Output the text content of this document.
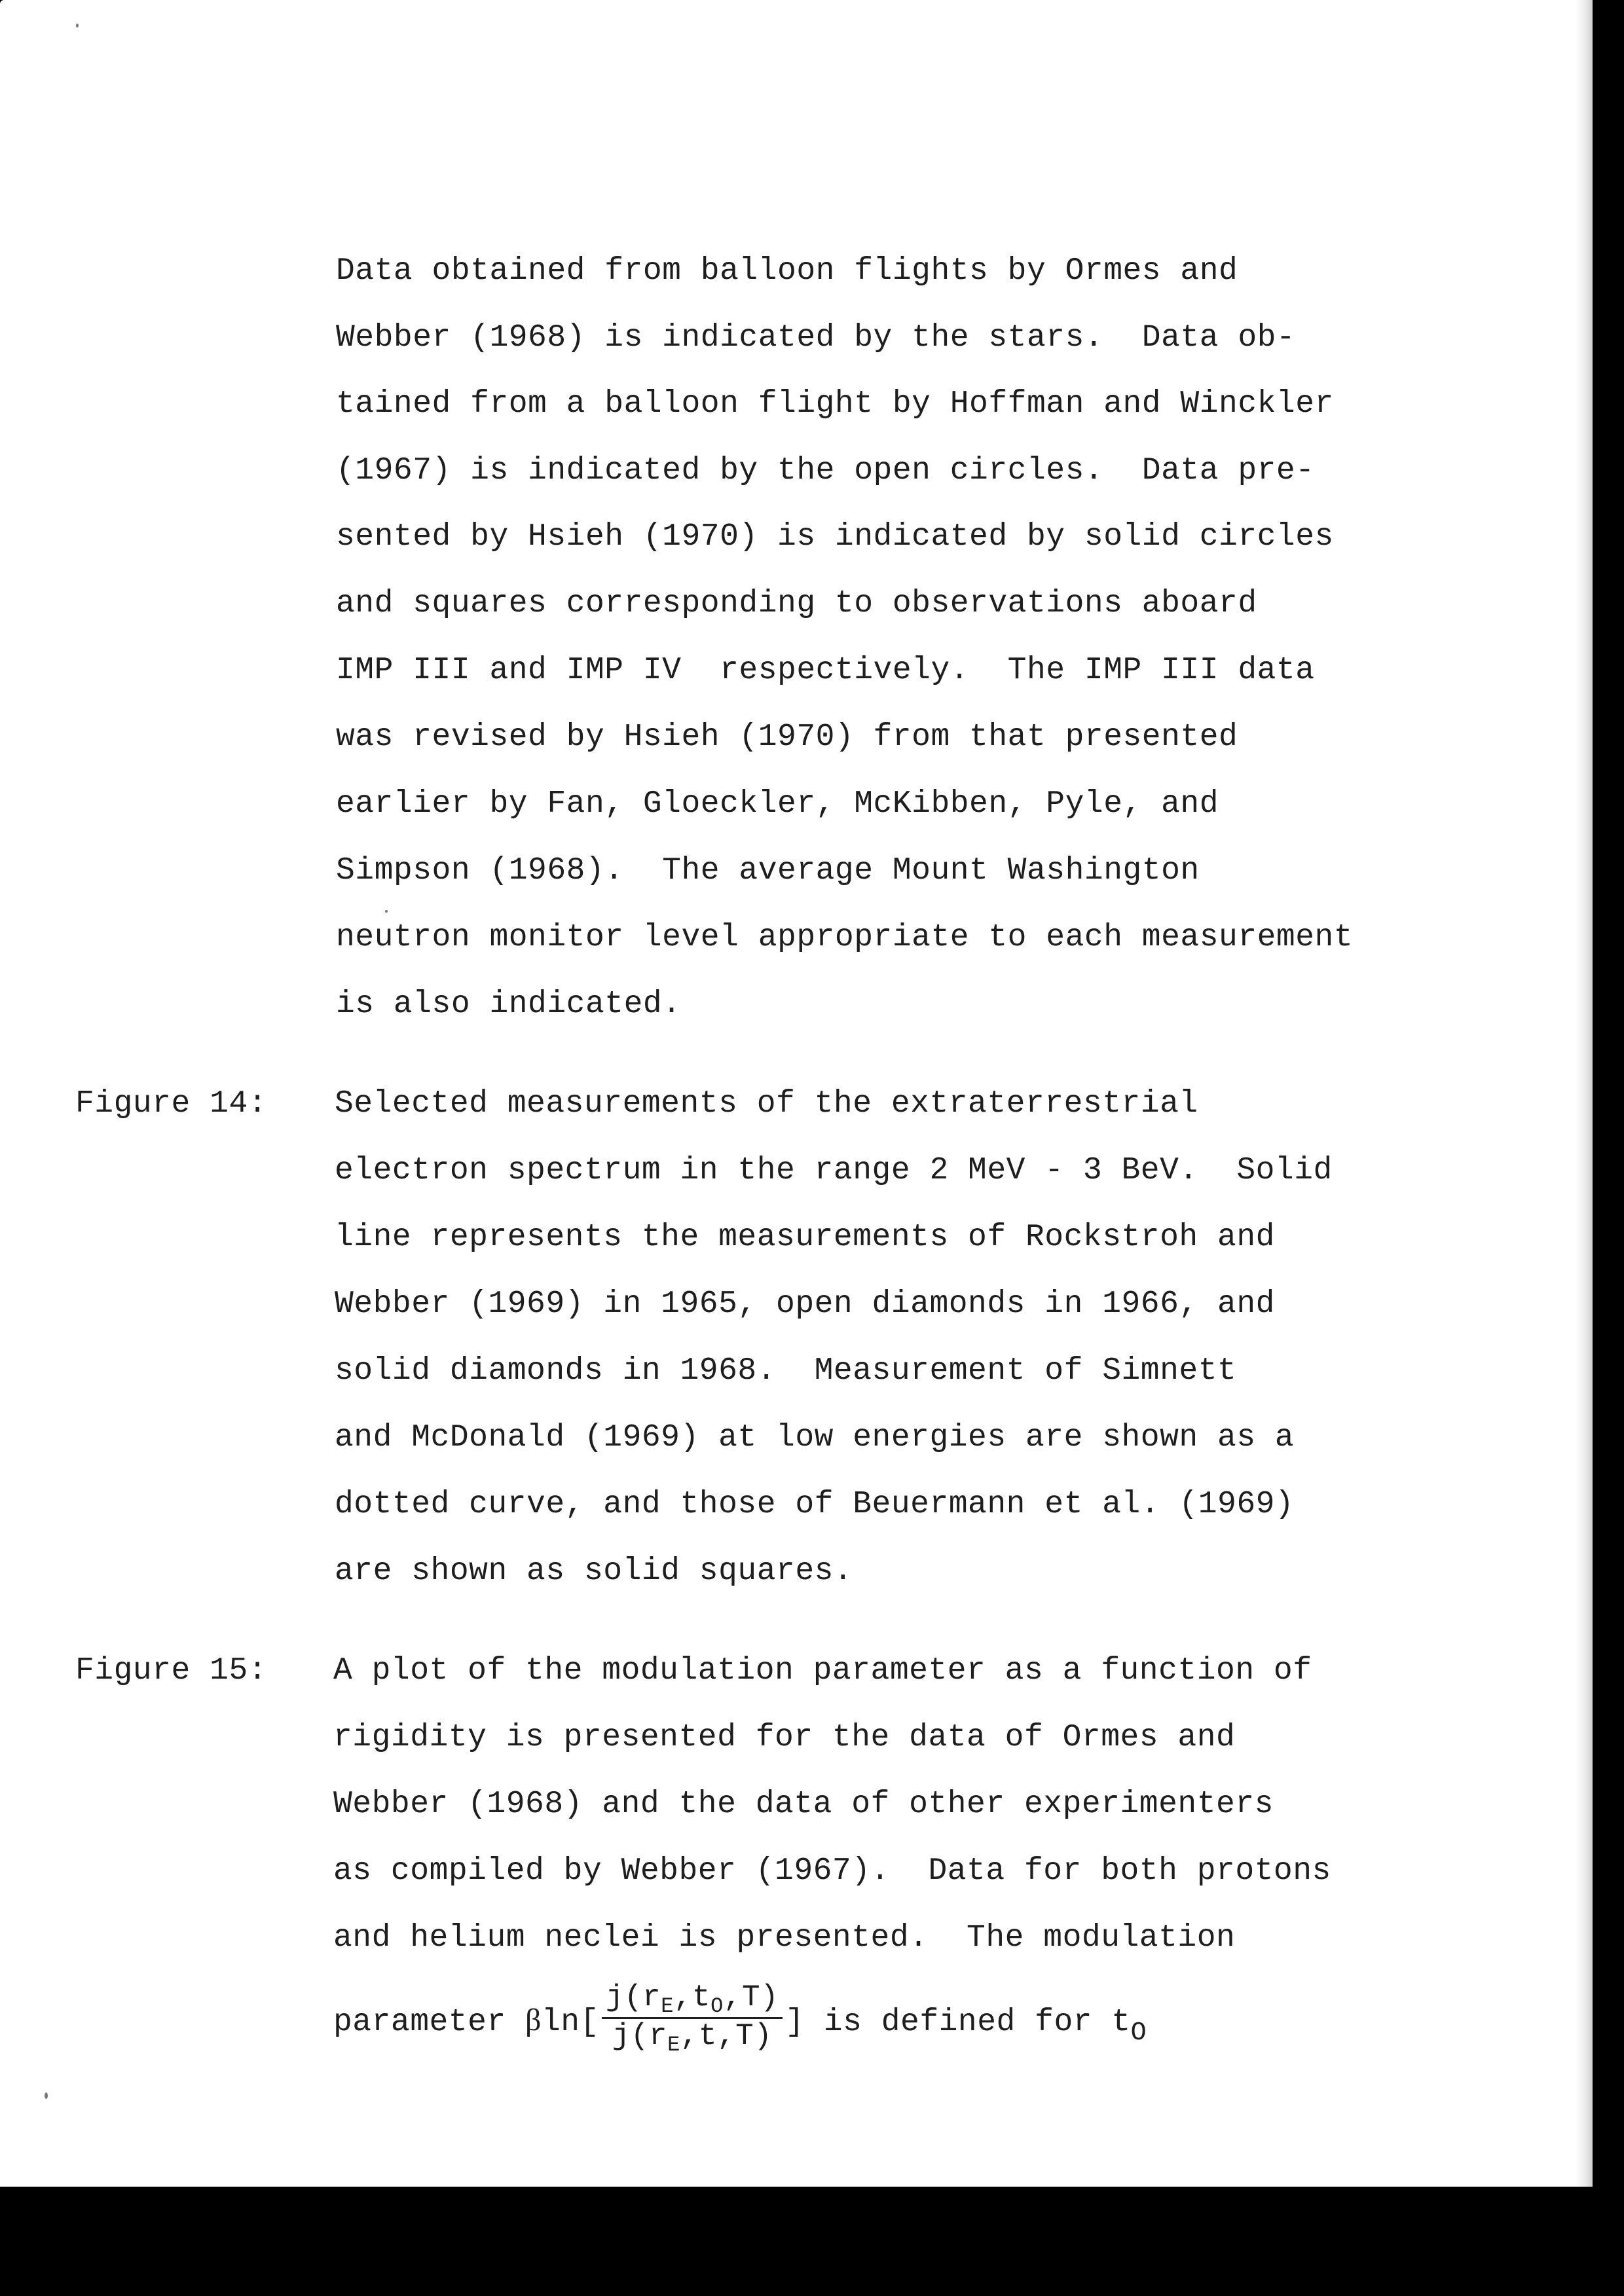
Data obtained from balloon flights by Ormes and
Webber (1968) is indicated by the stars.  Data ob-
tained from a balloon flight by Hoffman and Winckler
(1967) is indicated by the open circles.  Data pre-
sented by Hsieh (1970) is indicated by solid circles
and squares corresponding to observations aboard
IMP III and IMP IV  respectively.  The IMP III data
was revised by Hsieh (1970) from that presented
earlier by Fan, Gloeckler, McKibben, Pyle, and
Simpson (1968).  The average Mount Washington
neutron monitor level appropriate to each measurement
is also indicated.
Figure 14: Selected measurements of the extraterrestrial
electron spectrum in the range 2 MeV - 3 BeV.  Solid
line represents the measurements of Rockstroh and
Webber (1969) in 1965, open diamonds in 1966, and
solid diamonds in 1968.  Measurement of Simnett
and McDonald (1969) at low energies are shown as a
dotted curve, and those of Beuermann et al. (1969)
are shown as solid squares.
Figure 15: A plot of the modulation parameter as a function of
rigidity is presented for the data of Ormes and
Webber (1968) and the data of other experimenters
as compiled by Webber (1967).  Data for both protons
and helium neclei is presented.  The modulation
parameter $\beta\ln[ \frac{j(r_E,t_O,T)}{j(r_E,t,T)}$ ] is defined for $t_O$
